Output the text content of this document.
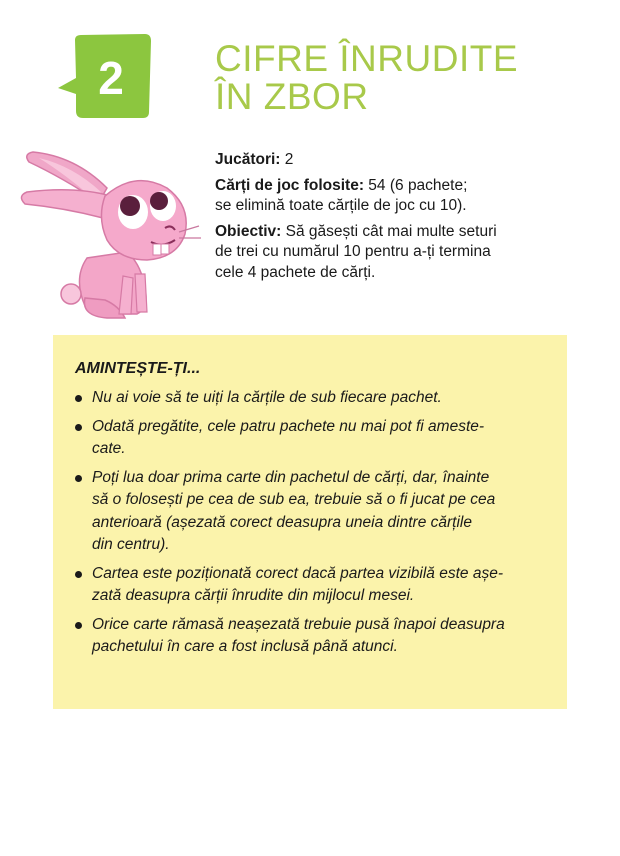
2	CIFRE ÎNRUDITE
ÎN ZBOR

Jucători: 2

Cărți de joc folosite: 54 (6 pachete;
se elimină toate cărțile de joc cu 10).

Obiectiv: Să găsești cât mai multe seturi
de trei cu numărul 10 pentru a-ți termina
cele 4 pachete de cărți.

AMINTEȘTE-ȚI...
Nu ai voie să te uiți la cărțile de sub fiecare pachet.
Odată pregătite, cele patru pachete nu mai pot fi ameste-
cate.
Poți lua doar prima carte din pachetul de cărți, dar, înainte
să o folosești pe cea de sub ea, trebuie să o fi jucat pe cea
anterioară (așezată corect deasupra uneia dintre cărțile
din centru).
Cartea este poziționată corect dacă partea vizibilă este așe-
zată deasupra cărții înrudite din mijlocul mesei.
Orice carte rămasă neașezată trebuie pusă înapoi deasupra
pachetului în care a fost inclusă până atunci.
